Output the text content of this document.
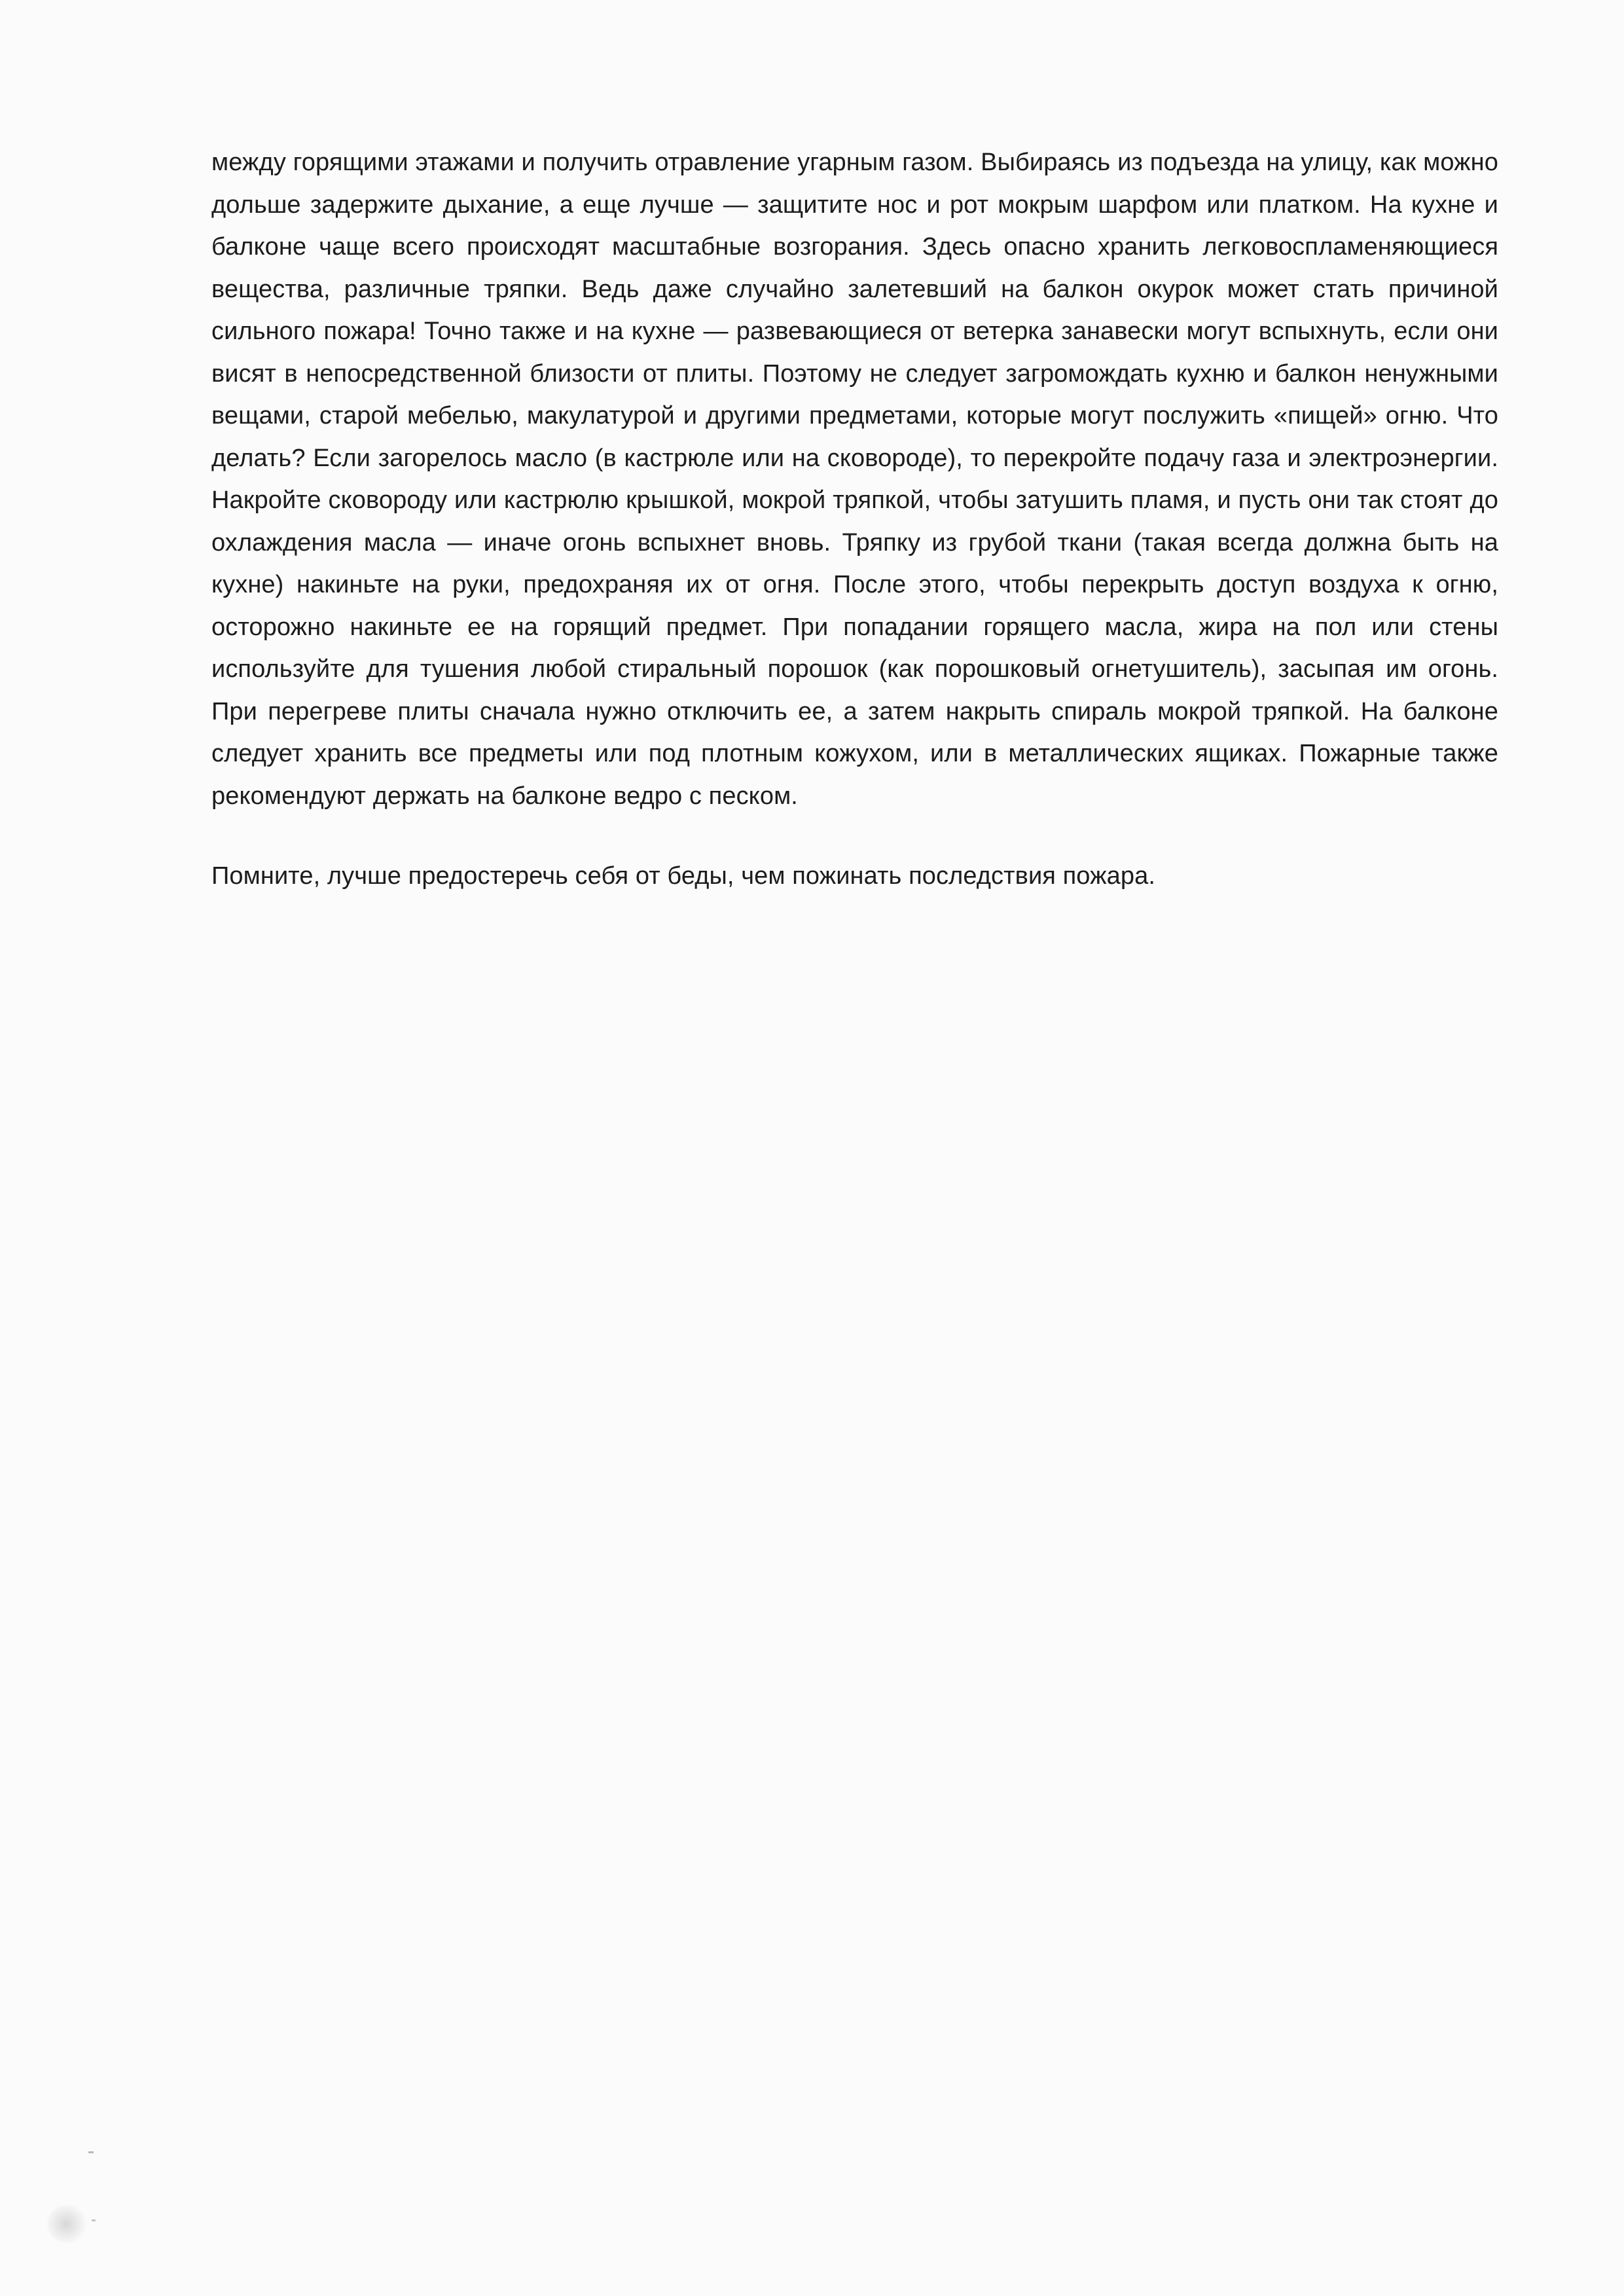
между горящими этажами и получить отравление угарным газом. Выбираясь из подъезда на улицу, как можно дольше задержите дыхание, а еще лучше — защитите нос и рот мокрым шарфом или платком. На кухне и балконе чаще всего происходят масштабные возгорания. Здесь опасно хранить легковоспламеняющиеся вещества, различные тряпки. Ведь даже случайно залетевший на балкон окурок может стать причиной сильного пожара! Точно также и на кухне — развевающиеся от ветерка занавески могут вспыхнуть, если они висят в непосредственной близости от плиты. Поэтому не следует загромождать кухню и балкон ненужными вещами, старой мебелью, макулатурой и другими предметами, которые могут послужить «пищей» огню. Что делать? Если загорелось масло (в кастрюле или на сковороде), то перекройте подачу газа и электроэнергии. Накройте сковороду или кастрюлю крышкой, мокрой тряпкой, чтобы затушить пламя, и пусть они так стоят до охлаждения масла — иначе огонь вспыхнет вновь. Тряпку из грубой ткани (такая всегда должна быть на кухне) накиньте на руки, предохраняя их от огня. После этого, чтобы перекрыть доступ воздуха к огню, осторожно накиньте ее на горящий предмет. При попадании горящего масла, жира на пол или стены используйте для тушения любой стиральный порошок (как порошковый огнетушитель), засыпая им огонь. При перегреве плиты сначала нужно отключить ее, а затем накрыть спираль мокрой тряпкой. На балконе следует хранить все предметы или под плотным кожухом, или в металлических ящиках. Пожарные также рекомендуют держать на балконе ведро с песком.

Помните, лучше предостеречь себя от беды, чем пожинать последствия пожара.
